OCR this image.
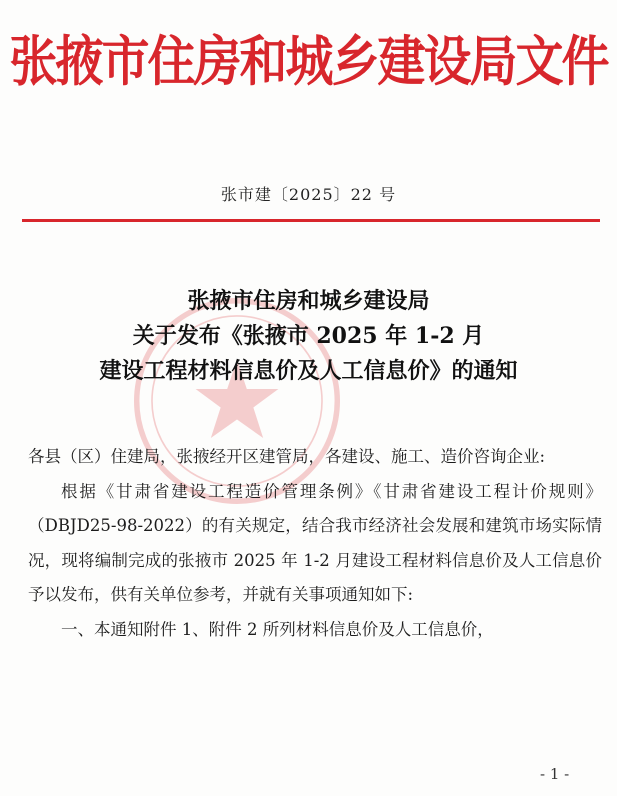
张掖市住房和城乡建设局文件
张市建〔2025〕22 号
张掖市住房和城乡建设局
关于发布《张掖市 2025 年 1-2 月
建设工程材料信息价及人工信息价》的通知

各县（区）住建局，张掖经开区建管局，各建设、施工、造价咨询企业:

根据《甘肃省建设工程造价管理条例》《甘肃省建设工程计价规则》（DBJD25-98-2022）的有关规定，结合我市经济社会发展和建筑市场实际情况，现将编制完成的张掖市 2025 年 1-2 月建设工程材料信息价及人工信息价予以发布，供有关单位参考，并就有关事项通知如下:

一、本通知附件 1、附件 2 所列材料信息价及人工信息价，

- 1 -
